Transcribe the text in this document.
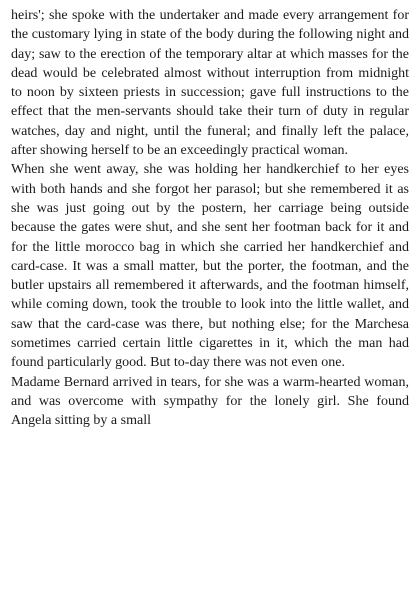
heirs'; she spoke with the undertaker and made every arrangement for the customary lying in state of the body during the following night and day; saw to the erection of the temporary altar at which masses for the dead would be celebrated almost without interruption from midnight to noon by sixteen priests in succession; gave full instructions to the effect that the men-servants should take their turn of duty in regular watches, day and night, until the funeral; and finally left the palace, after showing herself to be an exceedingly practical woman.

When she went away, she was holding her handkerchief to her eyes with both hands and she forgot her parasol; but she remembered it as she was just going out by the postern, her carriage being outside because the gates were shut, and she sent her footman back for it and for the little morocco bag in which she carried her handkerchief and card-case. It was a small matter, but the porter, the footman, and the butler upstairs all remembered it afterwards, and the footman himself, while coming down, took the trouble to look into the little wallet, and saw that the card-case was there, but nothing else; for the Marchesa sometimes carried certain little cigarettes in it, which the man had found particularly good. But to-day there was not even one.

Madame Bernard arrived in tears, for she was a warm-hearted woman, and was overcome with sympathy for the lonely girl. She found Angela sitting by a small
